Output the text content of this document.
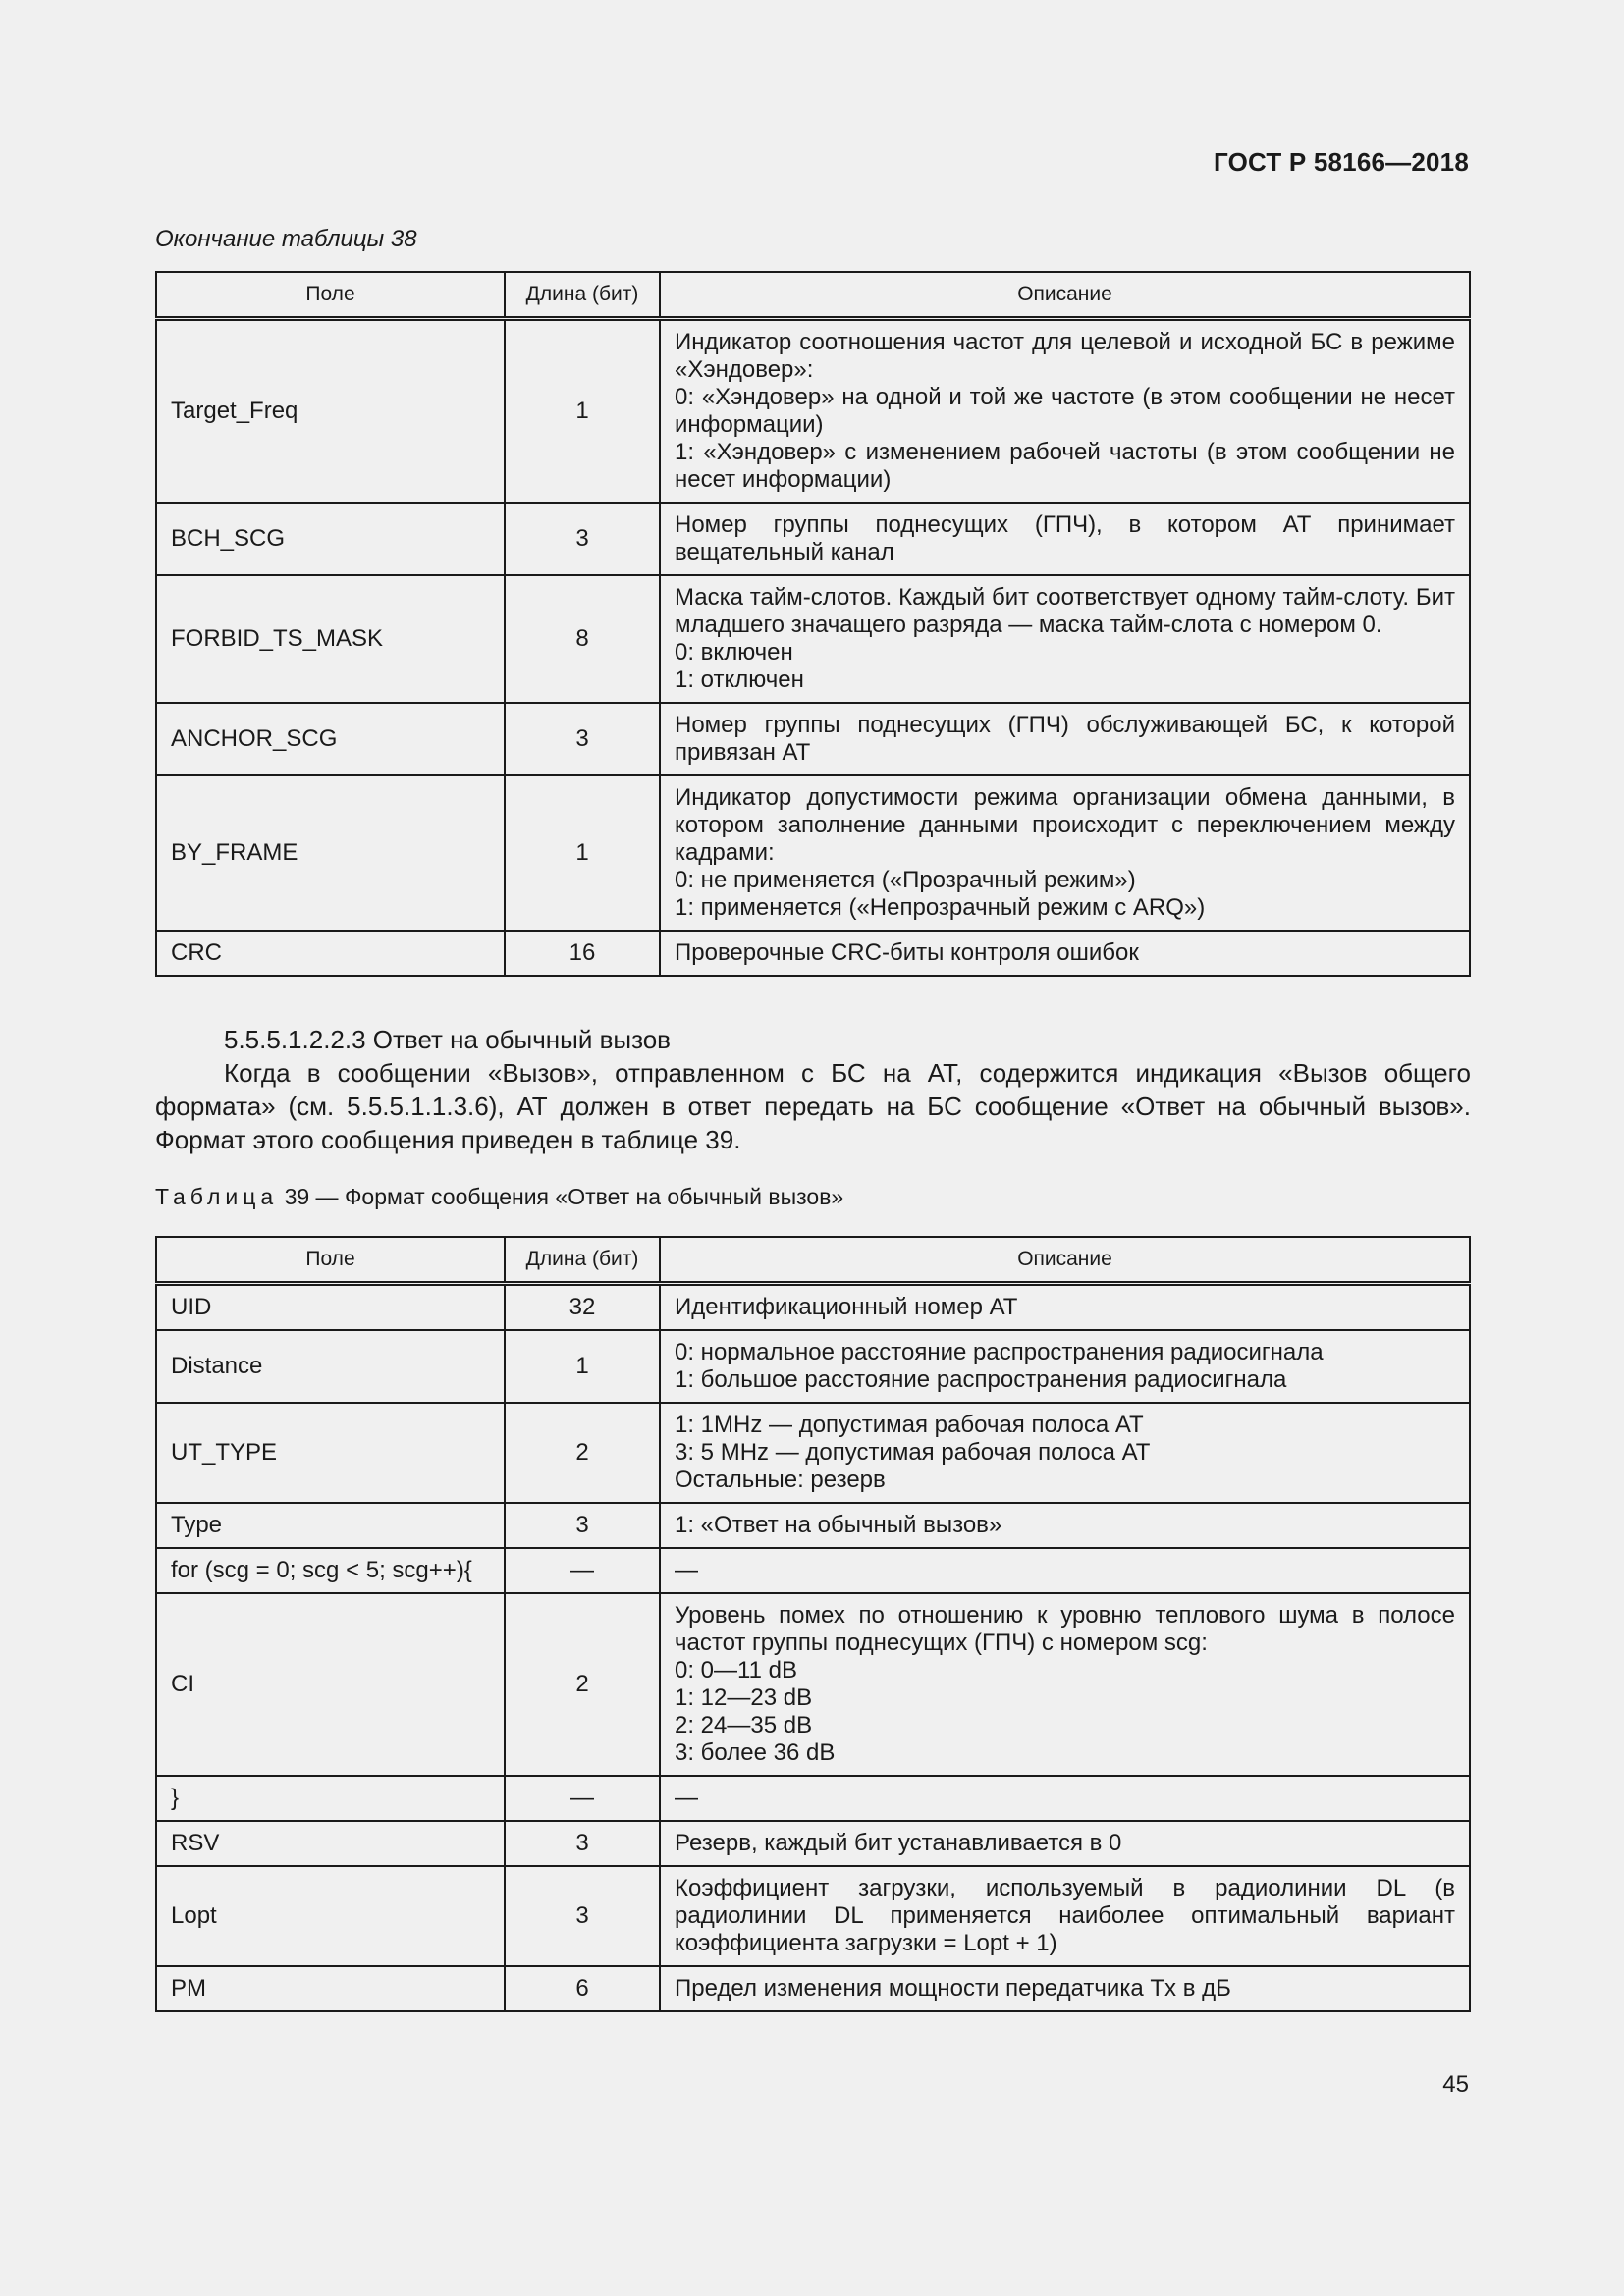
ГОСТ Р 58166—2018
Окончание таблицы 38
Поле	Длина (бит)	Описание
Target_Freq	1	Индикатор соотношения частот для целевой и исходной БС в режиме «Хэндовер»:
0: «Хэндовер» на одной и той же частоте (в этом сообщении не несет информации)
1: «Хэндовер» с изменением рабочей частоты (в этом сообщении не несет информации)

BCH_SCG	3	Номер группы поднесущих (ГПЧ), в котором АТ принимает вещательный канал

FORBID_TS_MASK	8	Маска тайм-слотов. Каждый бит соответствует одному тайм-слоту. Бит младшего значащего разряда — маска тайм-слота с номером 0.
0: включен
1: отключен

ANCHOR_SCG	3	Номер группы поднесущих (ГПЧ) обслуживающей БС, к которой привязан АТ

BY_FRAME	1	Индикатор допустимости режима организации обмена данными, в котором заполнение данными происходит с переключением между кадрами:
0: не применяется («Прозрачный режим»)
1: применяется («Непрозрачный режим с ARQ»)

CRC	16	Проверочные CRC-биты контроля ошибок
5.5.5.1.2.2.3 Ответ на обычный вызов
Когда в сообщении «Вызов», отправленном с БС на АТ, содержится индикация «Вызов общего формата» (см. 5.5.5.1.1.3.6), АТ должен в ответ передать на БС сообщение «Ответ на обычный вызов». Формат этого сообщения приведен в таблице 39.
Таблица 39 — Формат сообщения «Ответ на обычный вызов»
Поле	Длина (бит)	Описание
UID	32	Идентификационный номер АТ

Distance	1	0: нормальное расстояние распространения радиосигнала
1: большое расстояние распространения радиосигнала

UT_TYPE	2	1: 1MHz — допустимая рабочая полоса АТ
3: 5 MHz — допустимая рабочая полоса АТ
Остальные: резерв

Type	3	1: «Ответ на обычный вызов»

for (scg = 0; scg < 5; scg++){	—	—

CI	2	Уровень помех по отношению к уровню теплового шума в полосе частот группы поднесущих (ГПЧ) с номером scg:
0: 0—11 dB
1: 12—23 dB
2: 24—35 dB
3: более 36 dB

}	—	—

RSV	3	Резерв, каждый бит устанавливается в 0

Lopt	3	Коэффициент загрузки, используемый в радиолинии DL (в радиолинии DL применяется наиболее оптимальный вариант коэффициента загрузки = Lopt + 1)

PM	6	Предел изменения мощности передатчика Tx в дБ
45
